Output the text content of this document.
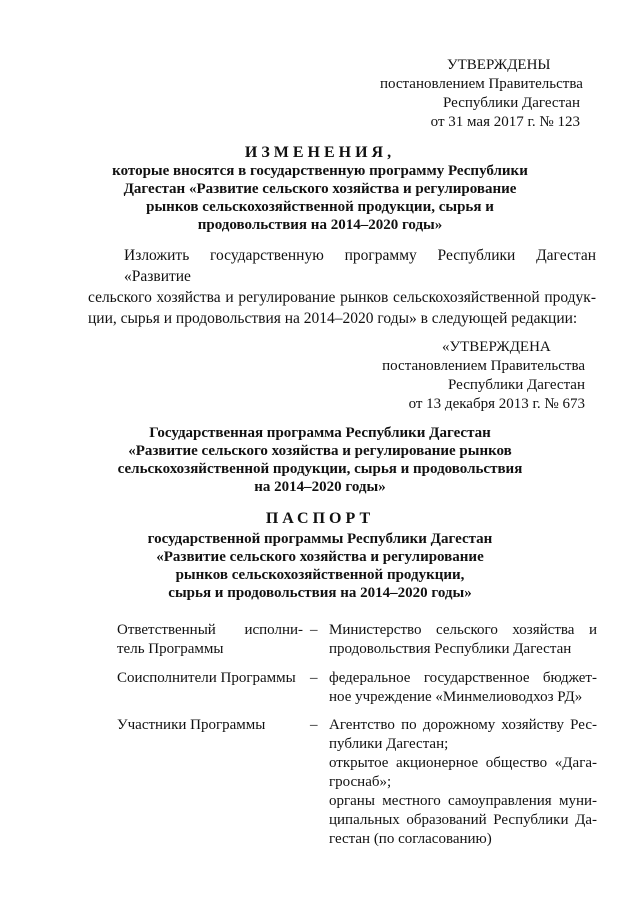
УТВЕРЖДЕНЫ
постановлением Правительства
Республики Дагестан
от 31 мая 2017 г. № 123
ИЗМЕНЕНИЯ,
которые вносятся в государственную программу Республики
Дагестан «Развитие сельского хозяйства и регулирование
рынков сельскохозяйственной продукции, сырья и
продовольствия на 2014–2020 годы»
Изложить государственную программу Республики Дагестан «Развитие
сельского хозяйства и регулирование рынков сельскохозяйственной продук-
ции, сырья и продовольствия на 2014–2020 годы» в следующей редакции:
«УТВЕРЖДЕНА
постановлением Правительства
Республики Дагестан
от 13 декабря 2013 г. № 673
Государственная программа Республики Дагестан
«Развитие сельского хозяйства и регулирование рынков
сельскохозяйственной продукции, сырья и продовольствия
на 2014–2020 годы»
ПАСПОРТ
государственной программы Республики Дагестан
«Развитие сельского хозяйства и регулирование
рынков сельскохозяйственной продукции,
сырья и продовольствия на 2014–2020 годы»
Ответственный исполни-
тель Программы
– Министерство сельского хозяйства и
продовольствия Республики Дагестан
Соисполнители Программы – федеральное государственное бюджет-
ное учреждение «Минмелиоводхоз РД»
Участники Программы	– Агентство по дорожному хозяйству Рес-
публики Дагестан;
открытое акционерное общество «Дага-
гроснаб»;
органы местного самоуправления муни-
ципальных образований Республики Да-
гестан (по согласованию)
